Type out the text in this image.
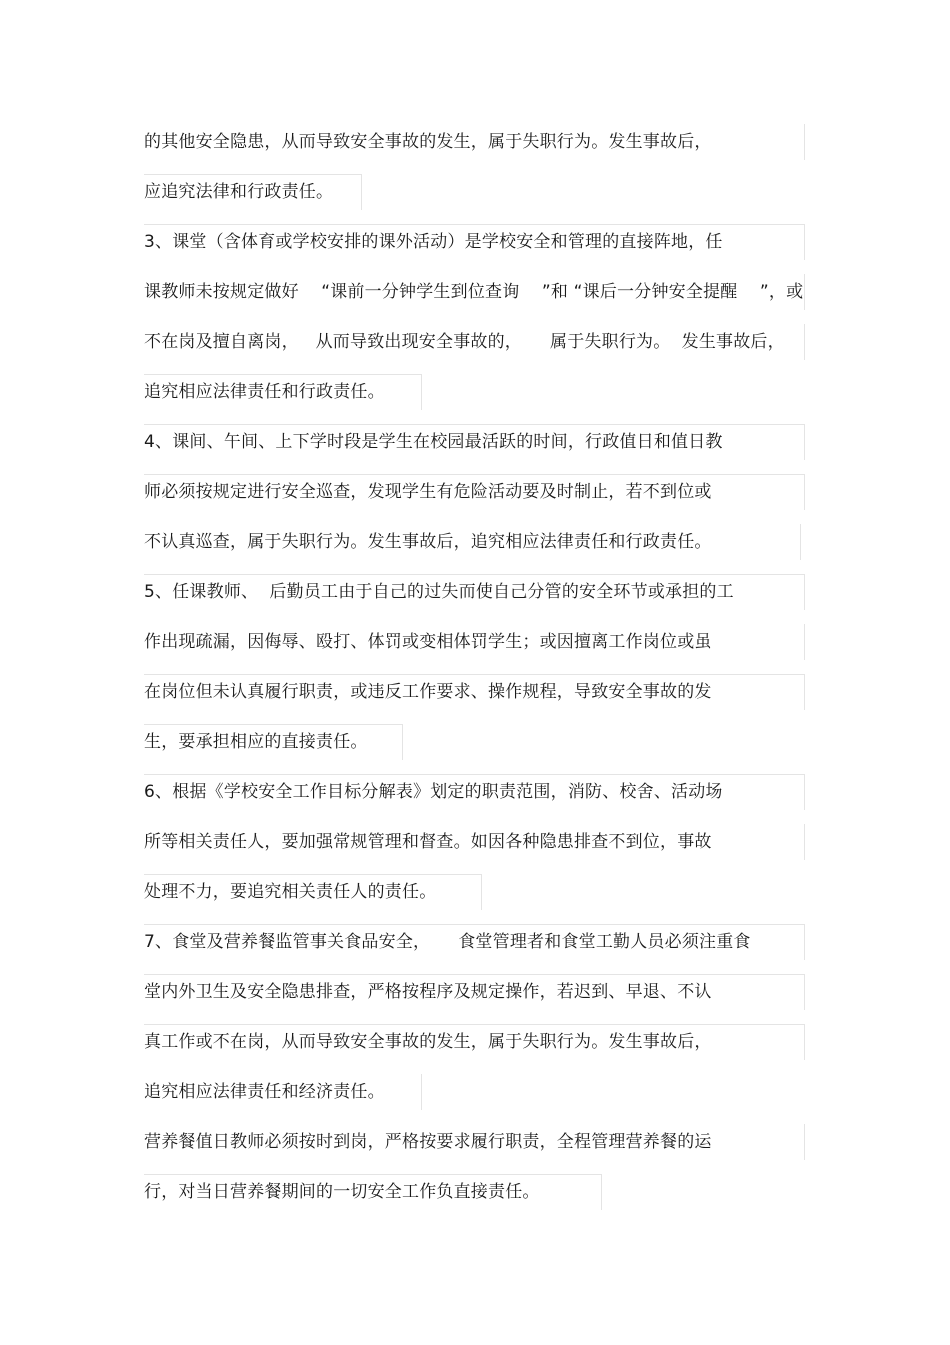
的其他安全隐患，从而导致安全事故的发生，属于失职行为。发生事故后，
应追究法律和行政责任。
3、课堂（含体育或学校安排的课外活动）是学校安全和管理的直接阵地，任
课教师未按规定做好    “课前一分钟学生到位查询    ”和 “课后一分钟安全提醒    ”，或
不在岗及擅自离岗，   从而导致出现安全事故的，     属于失职行为。  发生事故后，
追究相应法律责任和行政责任。
4、课间、午间、上下学时段是学生在校园最活跃的时间，行政值日和值日教
师必须按规定进行安全巡查，发现学生有危险活动要及时制止，若不到位或
不认真巡查，属于失职行为。发生事故后，追究相应法律责任和行政责任。
5、任课教师、  后勤员工由于自己的过失而使自己分管的安全环节或承担的工
作出现疏漏，因侮辱、殴打、体罚或变相体罚学生；或因擅离工作岗位或虽
在岗位但未认真履行职责，或违反工作要求、操作规程，导致安全事故的发
生，要承担相应的直接责任。
6、根据《学校安全工作目标分解表》划定的职责范围，消防、校舍、活动场
所等相关责任人，要加强常规管理和督查。如因各种隐患排查不到位，事故
处理不力，要追究相关责任人的责任。
7、食堂及营养餐监管事关食品安全，     食堂管理者和食堂工勤人员必须注重食
堂内外卫生及安全隐患排查，严格按程序及规定操作，若迟到、早退、不认
真工作或不在岗，从而导致安全事故的发生，属于失职行为。发生事故后，
追究相应法律责任和经济责任。
营养餐值日教师必须按时到岗，严格按要求履行职责，全程管理营养餐的运
行，对当日营养餐期间的一切安全工作负直接责任。
